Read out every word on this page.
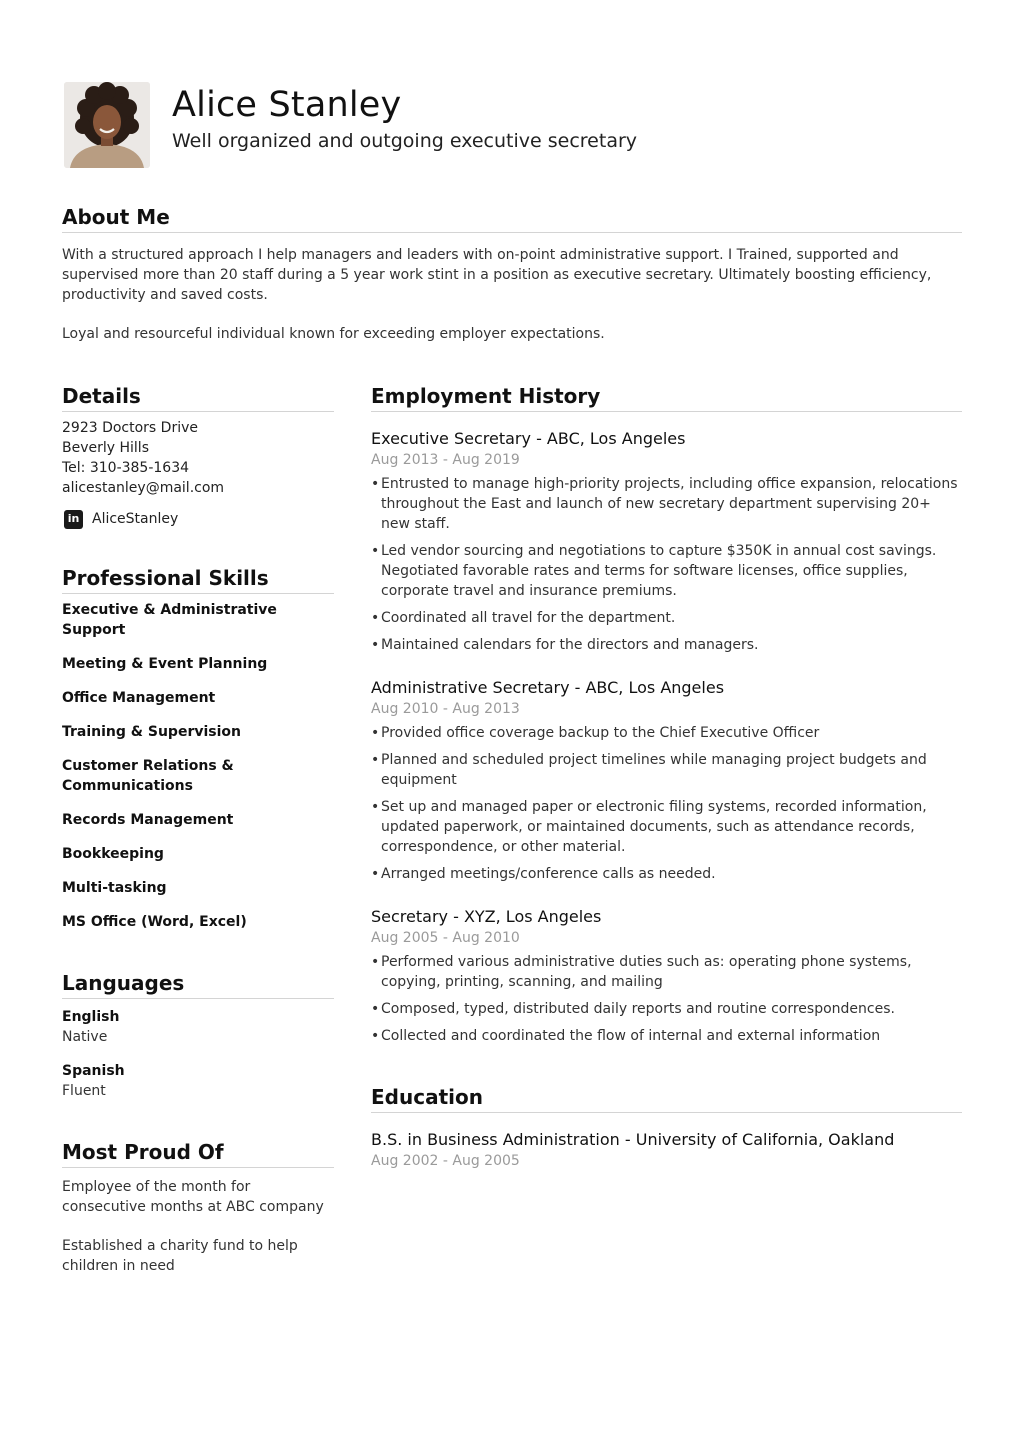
Alice Stanley
Well organized and outgoing executive secretary
About Me

With a structured approach I help managers and leaders with on-point administrative support. I Trained, supported and supervised more than 20 staff during a 5 year work stint in a position as executive secretary. Ultimately boosting efficiency, productivity and saved costs.

Loyal and resourceful individual known for exceeding employer expectations.

Details
2923 Doctors Drive
Beverly Hills
Tel: 310-385-1634
alicestanley@mail.com
in AliceStanley
Professional Skills
Executive & Administrative Support
Meeting & Event Planning
Office Management
Training & Supervision
Customer Relations & Communications
Records Management
Bookkeeping
Multi-tasking
MS Office (Word, Excel)
Languages
English
Native
Spanish
Fluent
Most Proud Of

Employee of the month for consecutive months at ABC company

Established a charity fund to help children in need

Employment History
Executive Secretary - ABC, Los Angeles
Aug 2013 - Aug 2019
• Entrusted to manage high-priority projects, including office expansion, relocations throughout the East and launch of new secretary department supervising 20+ new staff.
• Led vendor sourcing and negotiations to capture $350K in annual cost savings. Negotiated favorable rates and terms for software licenses, office supplies, corporate travel and insurance premiums.
• Coordinated all travel for the department.
• Maintained calendars for the directors and managers.
Administrative Secretary - ABC, Los Angeles
Aug 2010 - Aug 2013
• Provided office coverage backup to the Chief Executive Officer
• Planned and scheduled project timelines while managing project budgets and equipment
• Set up and managed paper or electronic filing systems, recorded information, updated paperwork, or maintained documents, such as attendance records, correspondence, or other material.
• Arranged meetings/conference calls as needed.
Secretary - XYZ, Los Angeles
Aug 2005 - Aug 2010
• Performed various administrative duties such as: operating phone systems, copying, printing, scanning, and mailing
• Composed, typed, distributed daily reports and routine correspondences.
• Collected and coordinated the flow of internal and external information
Education
B.S. in Business Administration - University of California, Oakland
Aug 2002 - Aug 2005
